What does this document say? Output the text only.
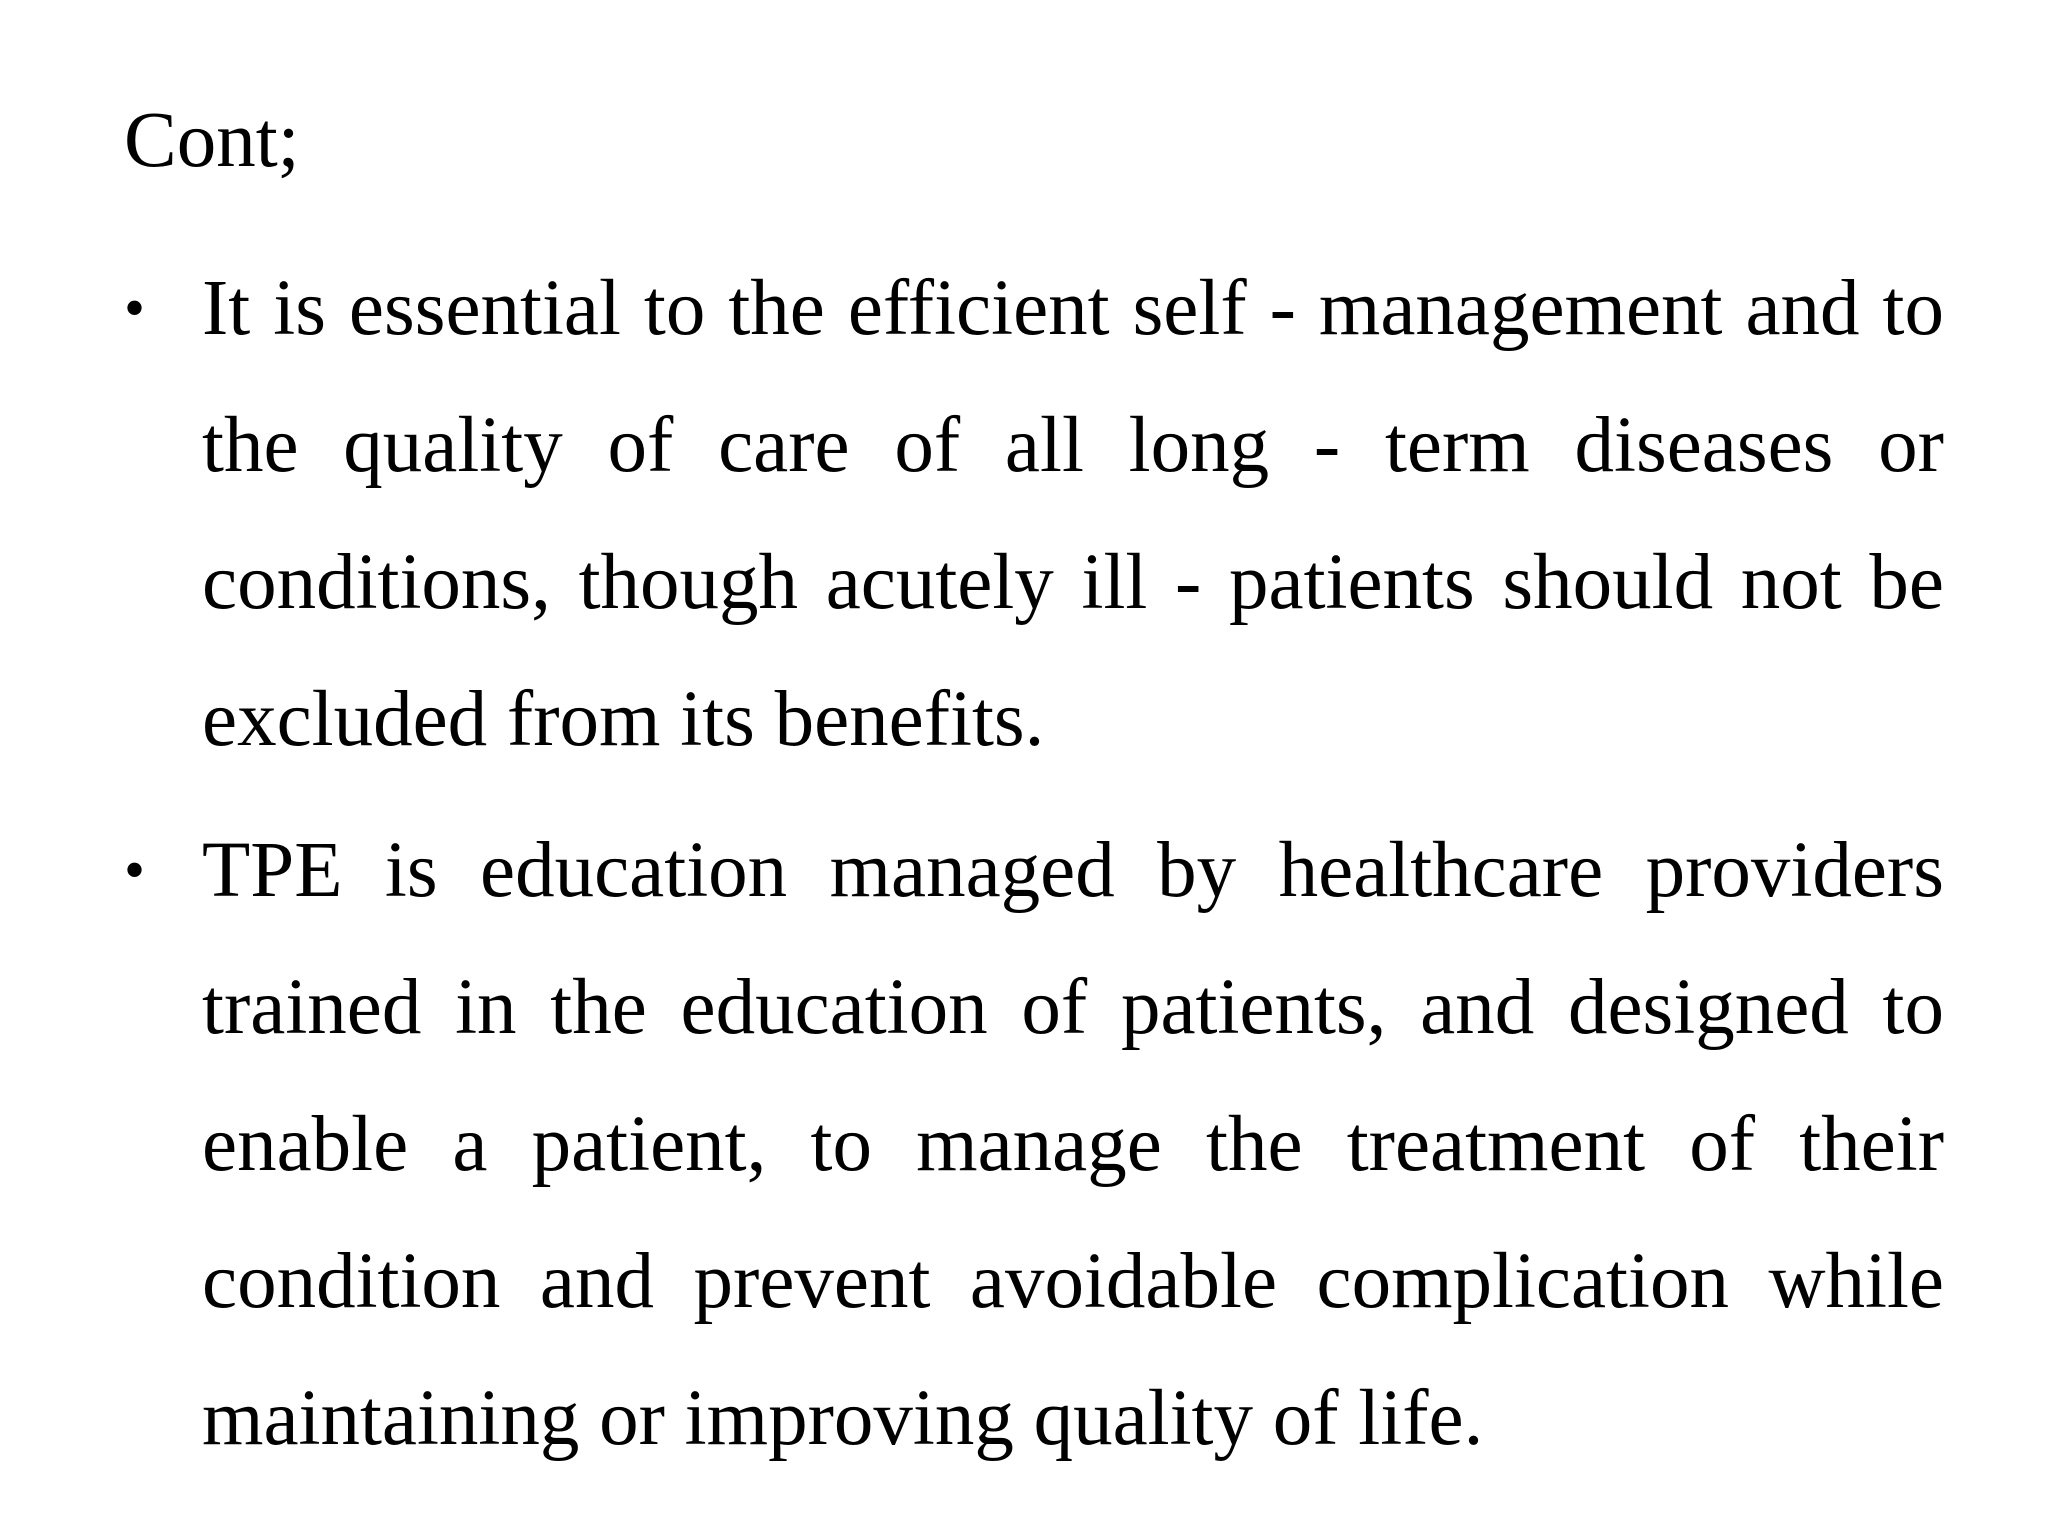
Cont;
• It is essential to the efficient self - management and to the quality of care of all long - term diseases or conditions, though acutely ill - patients should not be excluded from its benefits.
• TPE is education managed by healthcare providers trained in the education of patients, and designed to enable a patient, to manage the treatment of their condition and prevent avoidable complication while maintaining or improving quality of life.
